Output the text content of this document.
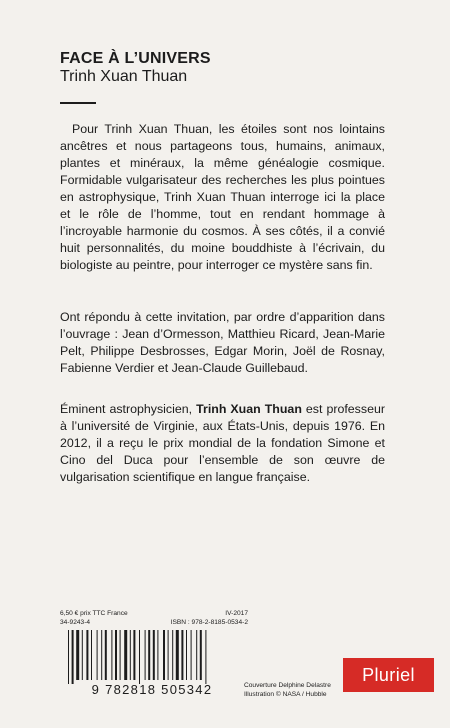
FACE À L’UNIVERS
Trinh Xuan Thuan

Pour Trinh Xuan Thuan, les étoiles sont nos lointains ancêtres et nous partageons tous, humains, animaux, plantes et minéraux, la même généalogie cosmique. Formidable vulgarisateur des recherches les plus pointues en astrophysique, Trinh Xuan Thuan interroge ici la place et le rôle de l’homme, tout en rendant hommage à l’incroyable harmonie du cosmos. À ses côtés, il a convié huit personnalités, du moine bouddhiste à l’écrivain, du biologiste au peintre, pour interroger ce mystère sans fin.

Ont répondu à cette invitation, par ordre d’apparition dans l’ouvrage : Jean d’Ormesson, Matthieu Ricard, Jean-Marie Pelt, Philippe Desbrosses, Edgar Morin, Joël de Rosnay, Fabienne Verdier et Jean-Claude Guillebaud.

Éminent astrophysicien, Trinh Xuan Thuan est professeur à l’université de Virginie, aux États-Unis, depuis 1976. En 2012, il a reçu le prix mondial de la fondation Simone et Cino del Duca pour l’ensemble de son œuvre de vulgarisation scientifique en langue française.

6,50 € prix TTC France	IV-2017
34-9243-4	ISBN : 978-2-8185-0534-2
9 782818 505342	Couverture Delphine Delastre
Illustration © NASA / Hubble
Pluriel
